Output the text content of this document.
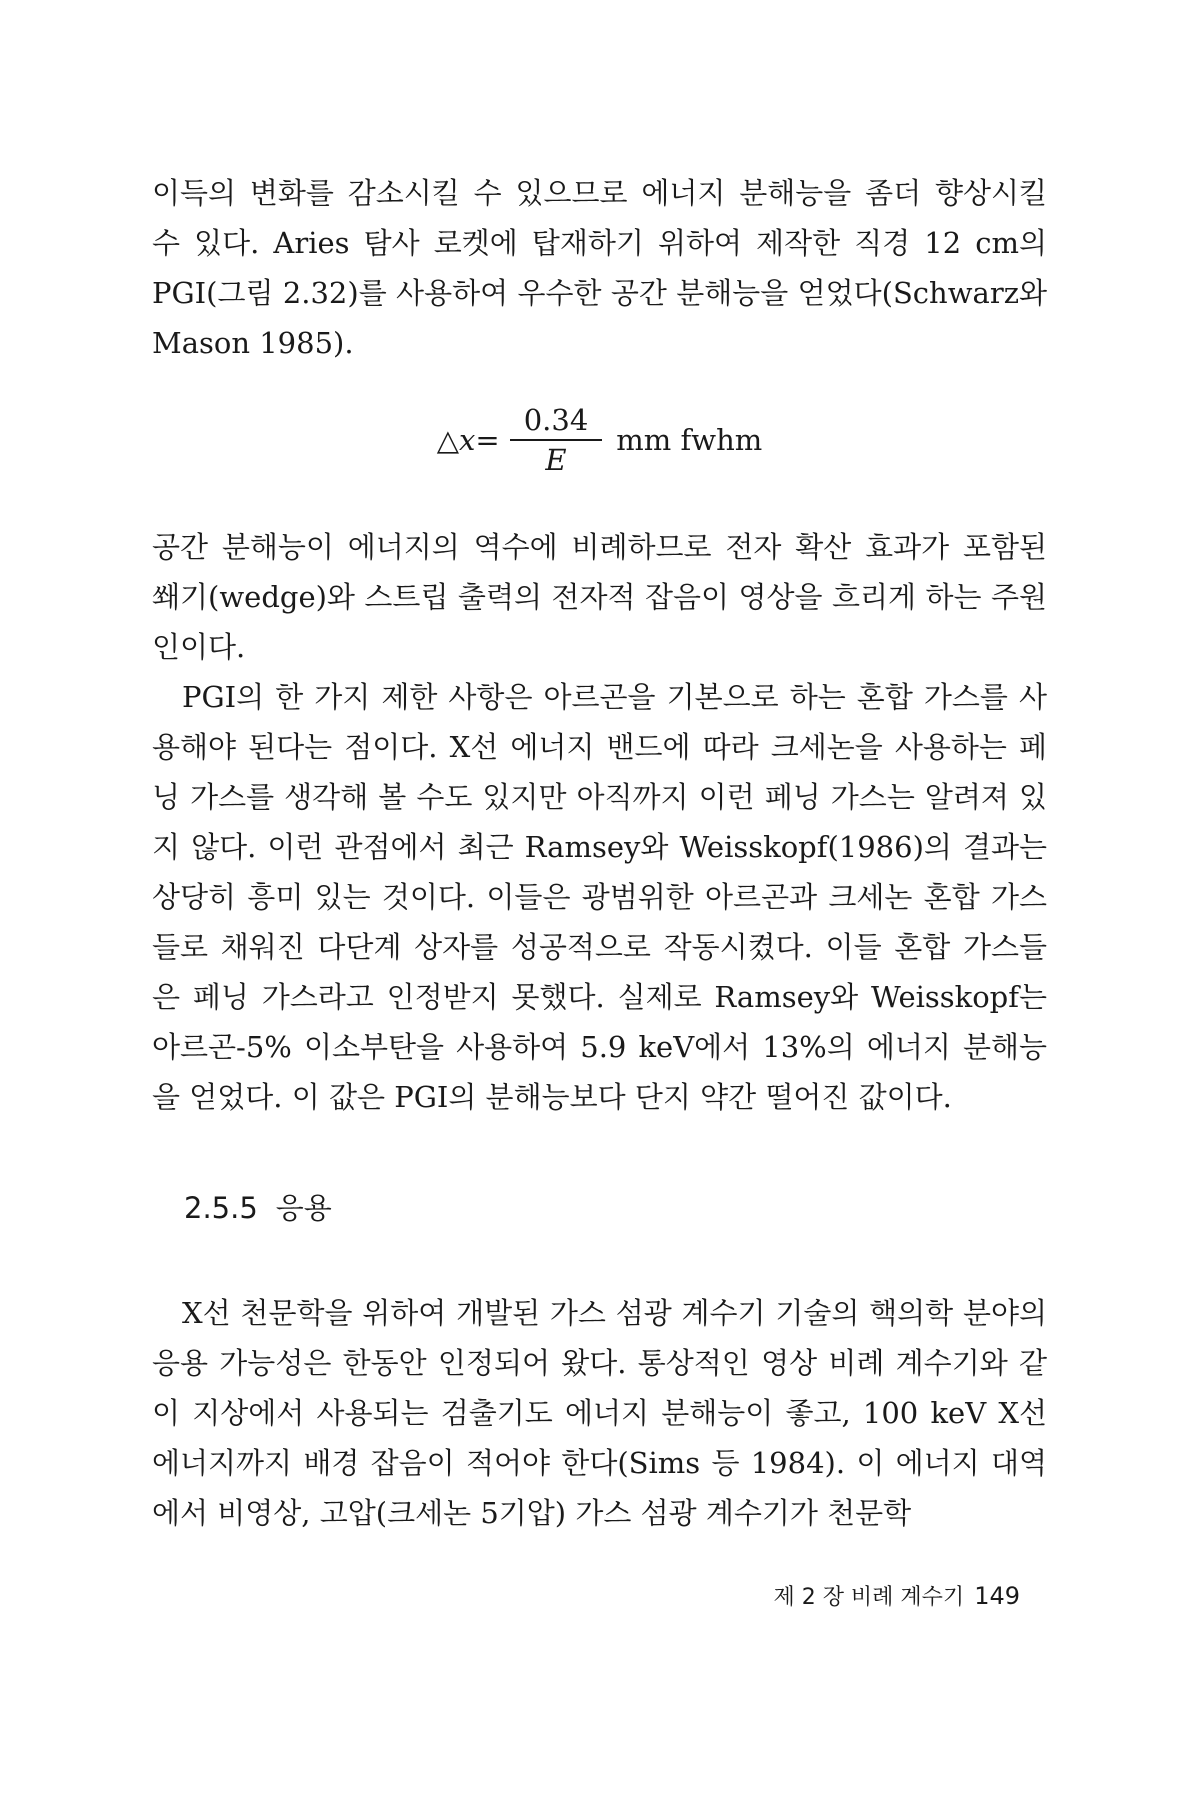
이득의 변화를 감소시킬 수 있으므로 에너지 분해능을 좀더 향상시킬 수 있다. Aries 탐사 로켓에 탑재하기 위하여 제작한 직경 12 cm의 PGI(그림 2.32)를 사용하여 우수한 공간 분해능을 얻었다(Schwarz와 Mason 1985).

△x= $\frac{0.34}{E}$ mm fwhm

공간 분해능이 에너지의 역수에 비례하므로 전자 확산 효과가 포함된 쐐기(wedge)와 스트립 출력의 전자적 잡음이 영상을 흐리게 하는 주원인이다.

PGI의 한 가지 제한 사항은 아르곤을 기본으로 하는 혼합 가스를 사용해야 된다는 점이다. X선 에너지 밴드에 따라 크세논을 사용하는 페닝 가스를 생각해 볼 수도 있지만 아직까지 이런 페닝 가스는 알려져 있지 않다. 이런 관점에서 최근 Ramsey와 Weisskopf(1986)의 결과는 상당히 흥미 있는 것이다. 이들은 광범위한 아르곤과 크세논 혼합 가스들로 채워진 다단계 상자를 성공적으로 작동시켰다. 이들 혼합 가스들은 페닝 가스라고 인정받지 못했다. 실제로 Ramsey와 Weisskopf는 아르곤-5% 이소부탄을 사용하여 5.9 keV에서 13%의 에너지 분해능을 얻었다. 이 값은 PGI의 분해능보다 단지 약간 떨어진 값이다.

2.5.5 응용

X선 천문학을 위하여 개발된 가스 섬광 계수기 기술의 핵의학 분야의 응용 가능성은 한동안 인정되어 왔다. 통상적인 영상 비례 계수기와 같이 지상에서 사용되는 검출기도 에너지 분해능이 좋고, 100 keV X선 에너지까지 배경 잡음이 적어야 한다(Sims 등 1984). 이 에너지 대역에서 비영상, 고압(크세논 5기압) 가스 섬광 계수기가 천문학

제 2 장 비례 계수기 149
